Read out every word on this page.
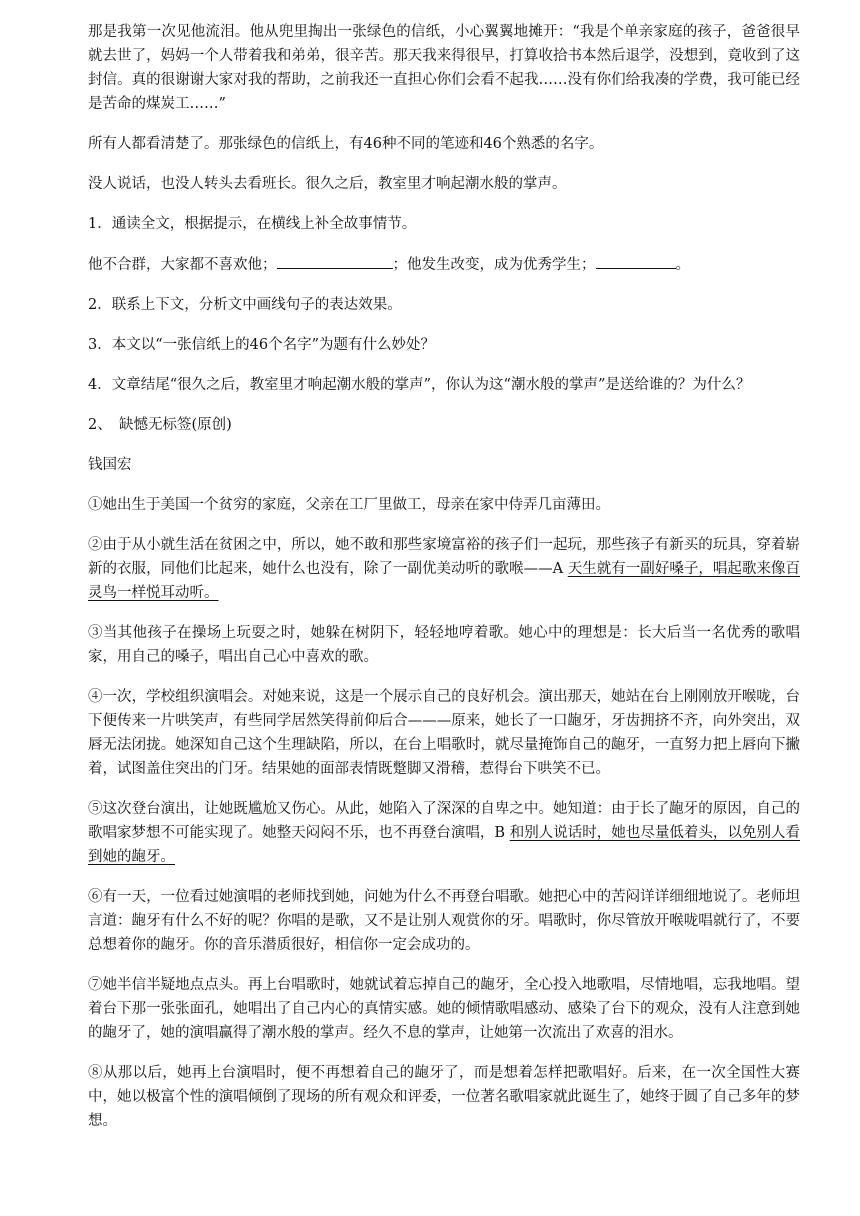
那是我第一次见他流泪。他从兜里掏出一张绿色的信纸，小心翼翼地摊开：“我是个单亲家庭的孩子，爸爸很早就去世了，妈妈一个人带着我和弟弟，很辛苦。那天我来得很早，打算收拾书本然后退学，没想到，竟收到了这封信。真的很谢谢大家对我的帮助，之前我还一直担心你们会看不起我……没有你们给我凑的学费，我可能已经是苦命的煤炭工……”

所有人都看清楚了。那张绿色的信纸上，有46种不同的笔迹和46个熟悉的名字。

没人说话，也没人转头去看班长。很久之后，教室里才响起潮水般的掌声。

1．通读全文，根据提示，在横线上补全故事情节。

他不合群，大家都不喜欢他；	；他发生改变，成为优秀学生；	。

2．联系上下文，分析文中画线句子的表达效果。

3．本文以“一张信纸上的46个名字”为题有什么妙处？

4．文章结尾“很久之后，教室里才响起潮水般的掌声”，你认为这“潮水般的掌声”是送给谁的？为什么？

2、　缺憾无标签(原创)

钱国宏

①她出生于美国一个贫穷的家庭，父亲在工厂里做工，母亲在家中侍弄几亩薄田。

②由于从小就生活在贫困之中，所以，她不敢和那些家境富裕的孩子们一起玩，那些孩子有新买的玩具，穿着崭新的衣服，同他们比起来，她什么也没有，除了一副优美动听的歌喉——A 天生就有一副好嗓子，唱起歌来像百灵鸟一样悦耳动听。

③当其他孩子在操场上玩耍之时，她躲在树阴下，轻轻地哼着歌。她心中的理想是：长大后当一名优秀的歌唱家，用自己的嗓子，唱出自己心中喜欢的歌。

④一次，学校组织演唱会。对她来说，这是一个展示自己的良好机会。演出那天，她站在台上刚刚放开喉咙，台下便传来一片哄笑声，有些同学居然笑得前仰后合———原来，她长了一口龅牙，牙齿拥挤不齐，向外突出，双唇无法闭拢。她深知自己这个生理缺陷，所以，在台上唱歌时，就尽量掩饰自己的龅牙，一直努力把上唇向下撇着，试图盖住突出的门牙。结果她的面部表情既蹩脚又滑稽，惹得台下哄笑不已。

⑤这次登台演出，让她既尴尬又伤心。从此，她陷入了深深的自卑之中。她知道：由于长了龅牙的原因，自己的歌唱家梦想不可能实现了。她整天闷闷不乐，也不再登台演唱，B 和别人说话时，她也尽量低着头，以免别人看到她的龅牙。

⑥有一天，一位看过她演唱的老师找到她，问她为什么不再登台唱歌。她把心中的苦闷详详细细地说了。老师坦言道：龅牙有什么不好的呢？你唱的是歌，又不是让别人观赏你的牙。唱歌时，你尽管放开喉咙唱就行了，不要总想着你的龅牙。你的音乐潜质很好，相信你一定会成功的。

⑦她半信半疑地点点头。再上台唱歌时，她就试着忘掉自己的龅牙，全心投入地歌唱，尽情地唱，忘我地唱。望着台下那一张张面孔，她唱出了自己内心的真情实感。她的倾情歌唱感动、感染了台下的观众，没有人注意到她的龅牙了，她的演唱赢得了潮水般的掌声。经久不息的掌声，让她第一次流出了欢喜的泪水。

⑧从那以后，她再上台演唱时，便不再想着自己的龅牙了，而是想着怎样把歌唱好。后来，在一次全国性大赛中，她以极富个性的演唱倾倒了现场的所有观众和评委，一位著名歌唱家就此诞生了，她终于圆了自己多年的梦想。
